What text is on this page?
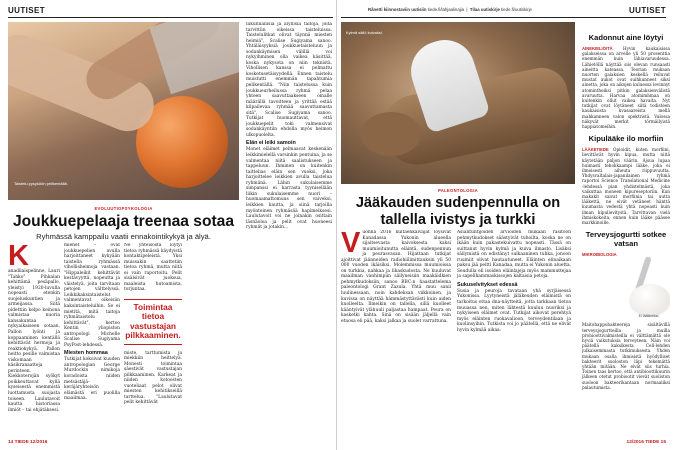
UUTISET
Taistelu pysyköön pelikentällä.
EVOLUUTIOPSYKOLOGIA
Joukkuepelaaja treenaa sotaa
Ryhmässä kamppailu vaatii ennakointikykyä ja älyä.
K
anadilaispelinne, Lauri "Tahko" Pihkalan kehittämä pesäpallo, yleistyi 1920-luvulla nopeasti etenkin suojeluskuntien ja armeijassa. Siitä pidettiin kelpo keinona valmistaa nuoria kansakuntaa nykyaikaiseen sotaan. Pallon lyönti ja koppaaminen kentällä kehittävät hermoja ja reaktiokykyä. Pallon heitto pesille valmistaa viskomaan käsikranaatteja perinteen. Kiekkoterojän syökyt poikkeuttavat kyllä kyseisestä enemmistä luottamusta suojasta toiseen. Laulutavoit kautta historiassa ilmiöt – tai ehjätäksesi.

miehet – ovat joukkuepelien avulla harjoittaneet kykyään taistella ryhmässä vihollisheimoja vastaan. "Hippaleikit kehittävät kestävyyttä, nopeutta ja väistelyä, joita tarvitaan petojen välttelyssä. Leikkikaksintaistelut valmentavat oikeisiin kaksintaisteluihin. Se ei mietitä, mitä taitoja ryhmätaistelu kehittävät", kertoo Kentin yliopiston antropologi Michelle Scalise Sugiyama PsyPost-lehdessä.

Miesten hommaa

Tutkijat kokoivat kuuden antropologian George Murdockin nimikoja koradoista niiden metsästäjä-keräjäryhteisön elämästä eri puolilla maailmaa.

Ne yhteisöstä löytyi tietoa ryhmässä käydyistä kontaktipeleistä. Yksi muissakin saattetiin tietoa ryhmä, mutta niitä ei vain raportoitu. Pelit sisälsivät juoksua, maaleista hutoamista, torjuntaa.

Toimintaa tietoa vastustajan pilkkaaminen.

miste, tarttumista ja miekkiin heittelyä. Monesti toimintaa säestivät vastustajan pilkkaaminen. Karkeat ja niiden kotoosten vuoteliaat pelot olivat miesten kehitikseillä tarttelua. "Laulutavat pelit kehittävät

liikunnallisia ja älyllisiä taitoja, joita tarvittiin oikeissa taisteluissa. Taistelulitkat olivat täynnä miesten heimiä", Scalise Sugiyama sanoo. Yhtäläisyyksiä joukkuetaisteluun ja sodankäymisen välillä voi nykyihminen olla vaikea käsittää, koska nykysota on niin teknistä. Vihollisen kanssa ei pelmattu kosketusetäisyydellä. Ennen taistelu muistutti enemmän tapahtumia pelikentällä. "Niin taistelussa kuin joukkueurheilussa ryhmä pelaa yhteen saavuttaakseen omalle määrällä tavoitteen ja yrittää estää kilpailevaa ryhmää saavuttamasta sitä", Scalise Sugiyama sanoo. Tutkijat huomauttavat, että joukkuepelit toki valmensivat sodankäyntiin ehdolla myös heimon ulkopuolelta.

Elän ei leiki samoin

Monet eläimet pelmaavat keskenään leikkimielellä varsinkin pentuina, ja se valmentaa niitä saalistukseen ja tappeluun. Ihminen on kuitenkin taittelias eläin sen vuoksi, joka harjoittelee leikkien avulla taistelua ryhmänä. Lähin sukulaisemme simpanssi ei harrasta tyynisellään liikin sukulaisemme nuori – huomaamattomuus sen vaiveksi, leikkien kautta, ja siinä tarjoilla myönteinen ryhmäsää hapimeiksesi. Laulutavoit voi ne joinakin osittain läsnäoloa ja pelit ovat huoneesi ryhmät ja jotakin...

14 TIEDE 12/2016
UUTISET
Rånetti kiinnostaviin uutisiin tiede.fi/lahjaalinajia  |  Tilaa uutiskirje tiede.fi/uutiskirje
Kylmä säilö kuivaksi.
PALEONTOLOGIA
Jääkauden sudenpennulla on tallella ivistys ja turkki
Vuonna 2016 kultaenkaivajat löysivät Kanadassa Yukonin alueella sijaitsevasta kaivoksesta kaksi muumioitunutta eläintä, sudenpennun ja peurasvasan. Hijattaan tutkijat ajoittivat jäänneiden radiohiilimittauksin yli 50 000 vuoden ikäisiksi. Molemmissa muumioissa on turkkia, nahkaa ja lihaskudosta. Ne kuuluvat maailman vanhimpiin säilyneisiin maakäidkien pehmytkudoksiin, sanoo BBC:n haastattelema paleontologi Grant Zazula. Yhtä muu sanii luulinessaan, noin kahdeksan viikkoinen, ja kuvissa on näyttää hämmästyttävästi kuin aiden kuolleelta. Ilmeikin on tallella, sillä kuolleet kääntyivät ylähuuli paljastaa hampaat. Peura on kasketki kahta. Sinä on sisään jäljellä vain etuosa eli pää, kaksi jalkaa ja suolet varrattuna.

Asiantuntijoiden arvioiden mukaan rasitoon pehmytkudokset säästyivät tuhoilta, koska ne on ikään kuin pakastekuivattu nopeasti. Tässä on suittanut hyvin kylmä ja kuiva ilmasto. Lisäksi säilymistä on edistänyt sulkaaninen tuhka, jonoon ruumiit olivat hautautuneet. Eläinten elinaikaan paksu jää peitti Kanadaa, mutta ei Yukonin aluetta. Seudulla eli isoiden eläinlajeja myös mammuttejaa ja sapelihammaskissojen kaltaisia petoja.

Sukuselvitykset edessä

Susia ja peuroja tavataan yhä syrjäisessä Yukonissa. Lyytyneistä jäläkeuden eläimistä on tarkoitus ottaa dna-näytteitä, jotta tarkkaan tietoa muuassa nen, miten lähtestä kuuluu nuoriksi ja nykyiseen eläimet ovat. Tutkijat aikovat perehtyä myös eläinten ruokavalioon, terveydentilaan ja kuolinsyihin. Tutkista voi jo päätellä, että ne elivät hyvin kylmää aikaa.

12/2016 TIEDE 15
Kadonnut aine löytyi

AINEKIELIÖITÄ Hyvin kaukaisissa galakseissa on arvelle yli 50 prosenttia enemmän kuin lähiavaruudessa. Lähietöllä näyttää siis olevan runsaasti aineitta kateassa. Teorian mukaan nuorten galaksien keskellä reiluvat mustat aukot ovat suihkunneet siksi ainetta, joka on aikojen kuluessa levinnyt atomintheiksi pitkin galaksienvälistä avaruutta. Harvaa atomimhmaa on kuitenkin ollut vaikea havaita. Nyt tutkijat ovat löytäneet siitä todisteen kaukaisista kvasaareista mellä mahkanneen valon spektristä. Valossa näkyvät merkit törmäilyistä happiatomeihin.

Kipulääke ilo morfiin

LÄÄKETIEDE Opioidit, kuten morfiini, lievittävät hyvin kipua, mutta niitä käytetään paljon väärin. Ajsua lupaa huimasti tehokkaampi lääke, joka ei ilmeisesti aiheuta riippuvuutta. Yhdysvaltalais-japanilainen ryhmä raportoi Science Translational Medicine -lehdessä pian yhdistelmästä, joka vaikuttaa moneen kipureseptoriin. Kun makakit saivat morfiinia tai uutta lääkettä, ne eivät vetäneet hänttä kuumasta vedestä yhtä nopeasti kuin ilman kipulievitystä. Tarvittavan vielä ihmiskokeita, ennen kuin lääke pääsee markkinoille.

Terveysjogurtti sotkee vatsan
Ei lääkkeiksi.

MIKROBIOLOGIA Maitohappobakteereja sisältävillä terveysjogurtteilla ja muilla probioottivalmisteilla ei välttämättä ole hyviä vaikutuksia terveyteen. Näin voi päätellä kaksikesta Cell-lehden julkaisemmasta tutkimuksesta. Yhden mukaan osalla ihmisistä hyödylliset bakteerit suoloston läpi tekemättä yhtään mitään. Ne eivät siis turhia. Toinen taas kertoo, että antibioottikuurin jälkeen otetut probiootit vievät suoliston suoloon bakteerikantaan normaaliksi palautumista.
